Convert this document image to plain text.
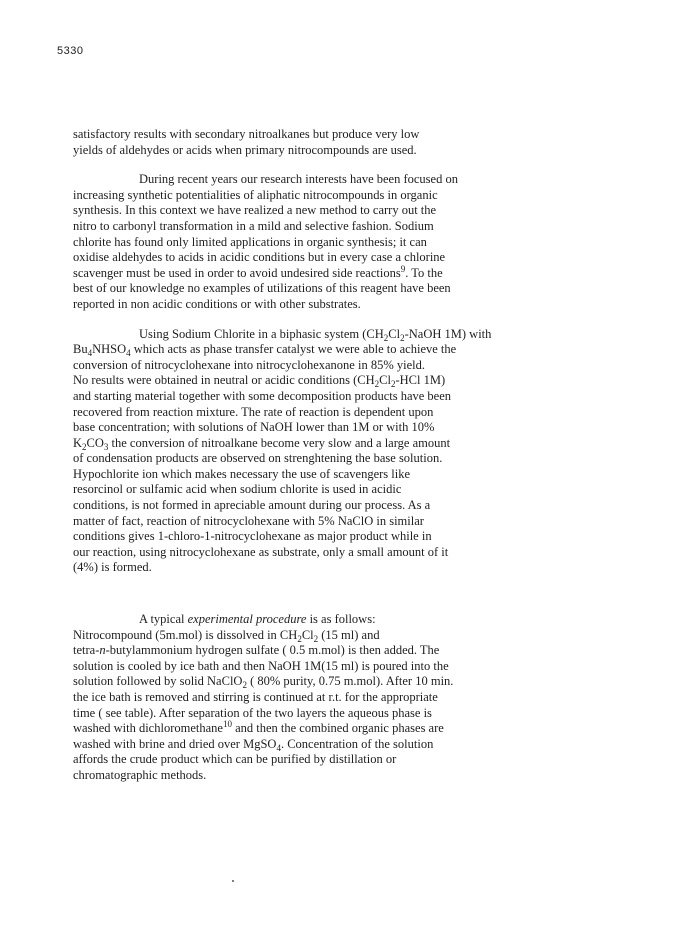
5330

satisfactory results with secondary nitroalkanes but produce very low
yields of aldehydes or acids when primary nitrocompounds are used.

During recent years our research interests have been focused on
increasing synthetic potentialities of aliphatic nitrocompounds in organic
synthesis. In this context we have realized a new method to carry out the
nitro to carbonyl transformation in a mild and selective fashion. Sodium
chlorite has found only limited applications in organic synthesis; it can
oxidise aldehydes to acids in acidic conditions but in every case a chlorine
scavenger must be used in order to avoid undesired side reactions$^9$. To the
best of our knowledge no examples of utilizations of this reagent have been
reported in non acidic conditions or with other substrates.

Using Sodium Chlorite in a biphasic system ($CH_2Cl_2$-NaOH 1M) with
$Bu_4NHSO_4$ which acts as phase transfer catalyst we were able to achieve the
conversion of nitrocyclohexane into nitrocyclohexanone in 85% yield.
No results were obtained in neutral or acidic conditions ($CH_2Cl_2$-HCl 1M)
and starting material together with some decomposition products have been
recovered from reaction mixture. The rate of reaction is dependent upon
base concentration; with solutions of NaOH lower than 1M or with 10%
$K_2CO_3$ the conversion of nitroalkane become very slow and a large amount
of condensation products are observed on strenghtening the base solution.
Hypochlorite ion which makes necessary the use of scavengers like
resorcinol or sulfamic acid when sodium chlorite is used in acidic
conditions, is not formed in apreciable amount during our process. As a
matter of fact, reaction of nitrocyclohexane with 5% NaClO in similar
conditions gives 1-chloro-1-nitrocyclohexane as major product while in
our reaction, using nitrocyclohexane as substrate, only a small amount of it
(4%) is formed.

A typical experimental procedure is as follows:
Nitrocompound (5m.mol) is dissolved in $CH_2Cl_2$ (15 ml) and
tetra-n-butylammonium hydrogen sulfate ( 0.5 m.mol) is then added. The
solution is cooled by ice bath and then NaOH 1M(15 ml) is poured into the
solution followed by solid NaClO$_2$ ( 80% purity, 0.75 m.mol). After 10 min.
the ice bath is removed and stirring is continued at r.t. for the appropriate
time ( see table). After separation of the two layers the aqueous phase is
washed with dichloromethane$^{10}$ and then the combined organic phases are
washed with brine and dried over MgSO$_4$. Concentration of the solution
affords the crude product which can be purified by distillation or
chromatographic methods.
